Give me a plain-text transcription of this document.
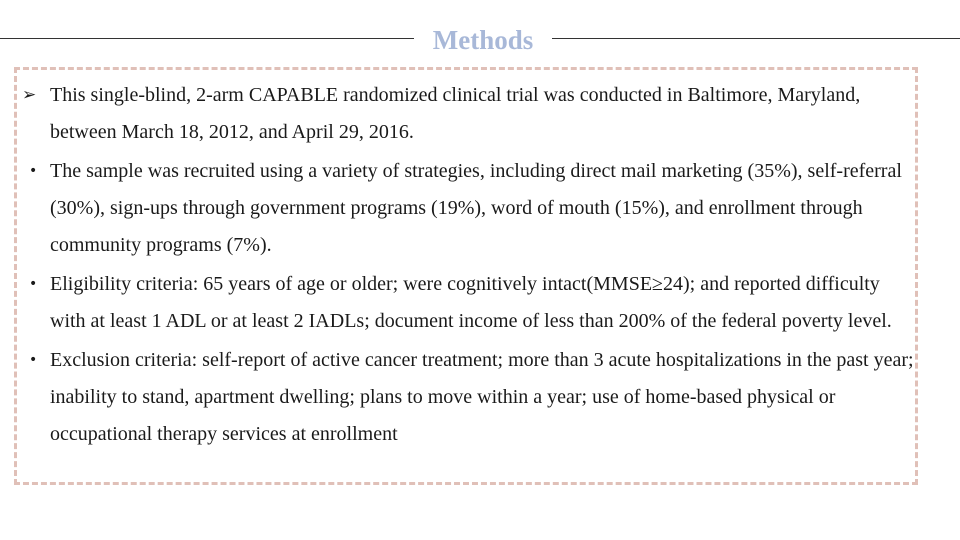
Methods
➢ This single-blind, 2-arm CAPABLE randomized clinical trial was conducted in Baltimore, Maryland, between March 18, 2012, and April 29, 2016.
• The sample was recruited using a variety of strategies, including direct mail marketing (35%), self-referral (30%), sign-ups through government programs (19%), word of mouth (15%), and enrollment through community programs (7%).
• Eligibility criteria: 65 years of age or older; were cognitively intact(MMSE≥24); and reported difficulty with at least 1 ADL or at least 2 IADLs; document income of less than 200% of the federal poverty level.
• Exclusion criteria: self-report of active cancer treatment; more than 3 acute hospitalizations in the past year; inability to stand, apartment dwelling; plans to move within a year; use of home-based physical or occupational therapy services at enrollment
